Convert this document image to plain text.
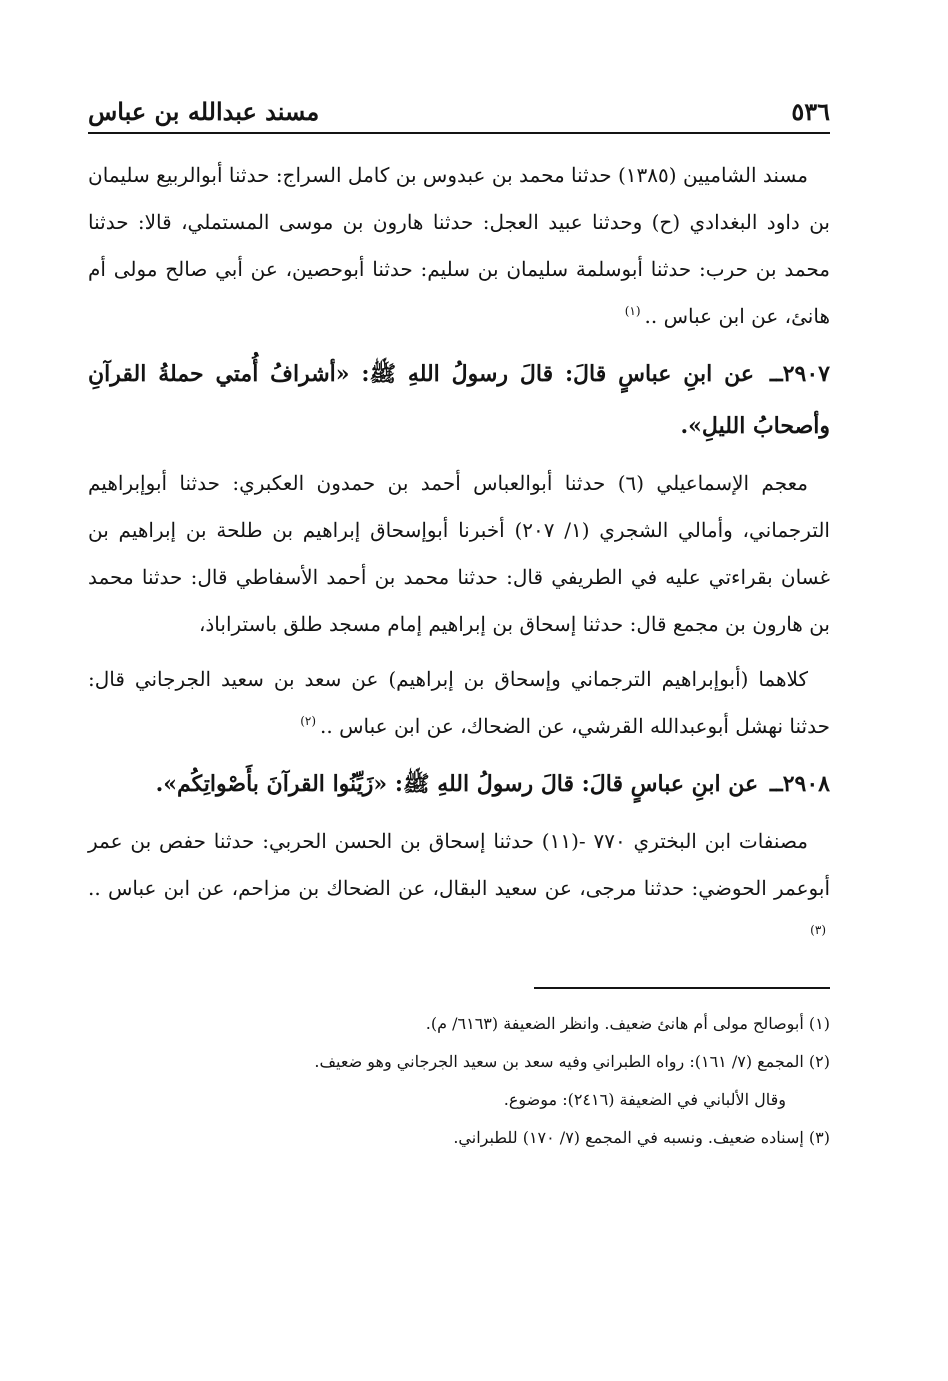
٥٣٦
مسند عبدالله بن عباس

مسند الشاميين (١٣٨٥) حدثنا محمد بن عبدوس بن كامل السراج: حدثنا أبوالربيع سليمان بن داود البغدادي (ح) وحدثنا عبيد العجل: حدثنا هارون بن موسى المستملي، قالا: حدثنا محمد بن حرب: حدثنا أبوسلمة سليمان بن سليم: حدثنا أبوحصين، عن أبي صالح مولى أم هانئ، عن ابن عباس ..$^{(١)}$

٢٩٠٧ــ عن ابنِ عباسٍ قالَ: قالَ رسولُ اللهِ ﷺ: «أشرافُ أُمتي حملةُ القرآنِ وأصحابُ الليلِ».

معجم الإسماعيلي (٦) حدثنا أبوالعباس أحمد بن حمدون العكبري: حدثنا أبوإبراهيم الترجماني، وأمالي الشجري (١/ ٢٠٧) أخبرنا أبوإسحاق إبراهيم بن طلحة بن إبراهيم بن غسان بقراءتي عليه في الطريفي قال: حدثنا محمد بن أحمد الأسفاطي قال: حدثنا محمد بن هارون بن مجمع قال: حدثنا إسحاق بن إبراهيم إمام مسجد طلق باستراباذ،

كلاهما (أبوإبراهيم الترجماني وإسحاق بن إبراهيم) عن سعد بن سعيد الجرجاني قال: حدثنا نهشل أبوعبدالله القرشي، عن الضحاك، عن ابن عباس ..$^{(٢)}$

٢٩٠٨ــ عن ابنِ عباسٍ قالَ: قالَ رسولُ اللهِ ﷺ: «زَيِّنُوا القرآنَ بأَصْواتِكُم».

مصنفات ابن البختري ٧٧٠ -(١١) حدثنا إسحاق بن الحسن الحربي: حدثنا حفص بن عمر أبوعمر الحوضي: حدثنا مرجى، عن سعيد البقال، عن الضحاك بن مزاحم، عن ابن عباس ..$^{(٣)}$

(١) أبوصالح مولى أم هانئ ضعيف. وانظر الضعيفة (٦١٦٣/ م).
(٢) المجمع (٧/ ١٦١): رواه الطبراني وفيه سعد بن سعيد الجرجاني وهو ضعيف.
وقال الألباني في الضعيفة (٢٤١٦): موضوع.
(٣) إسناده ضعيف. ونسبه في المجمع (٧/ ١٧٠) للطبراني.
